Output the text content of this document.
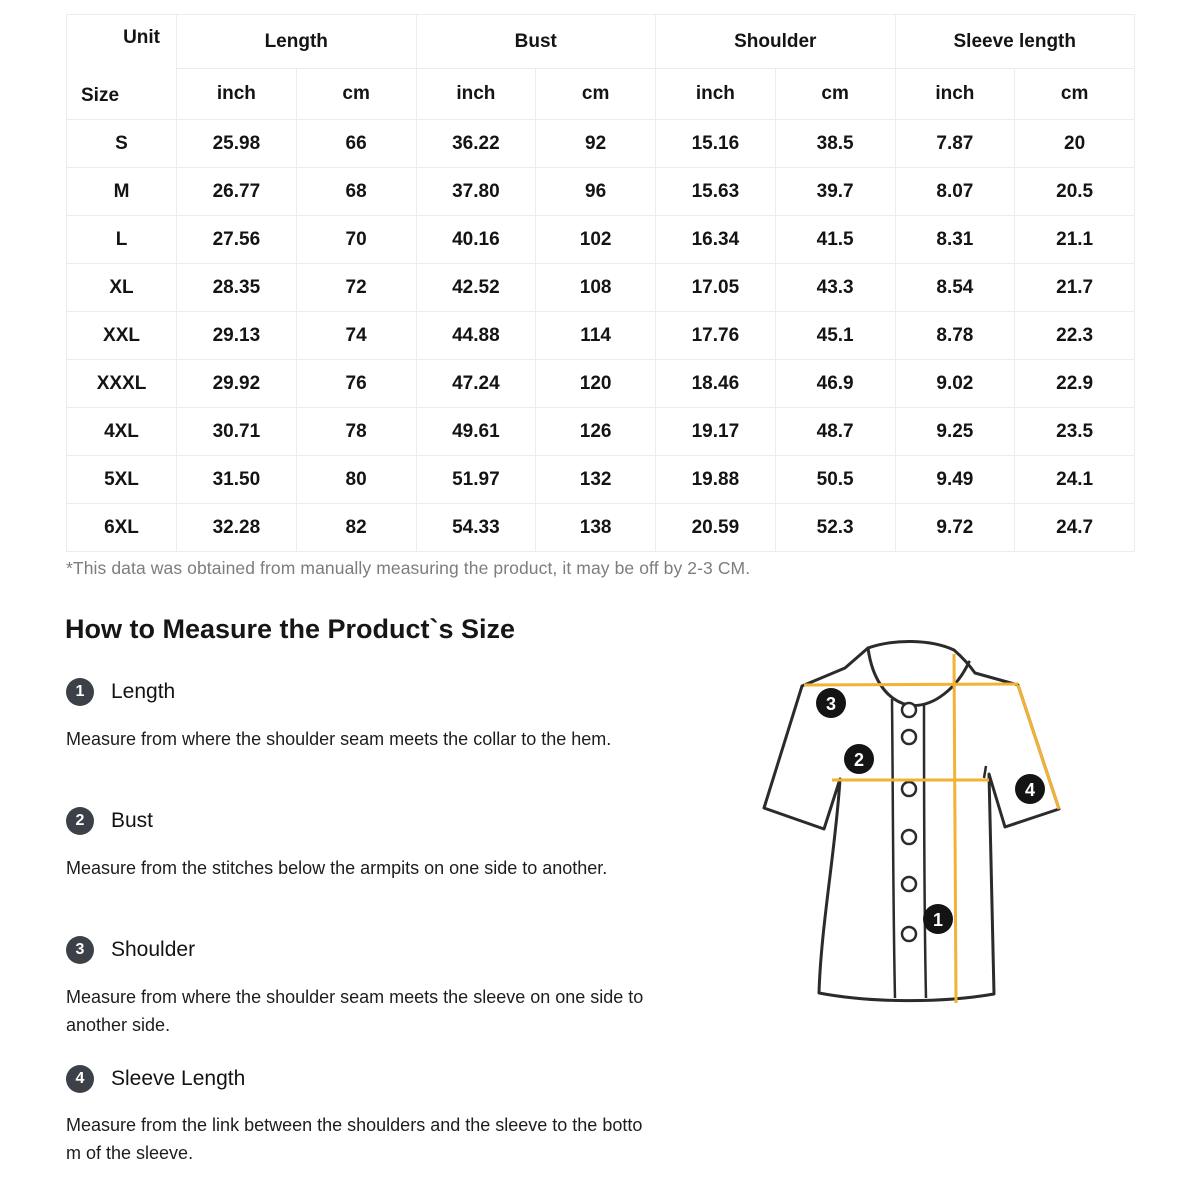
Unit
Size	Length		Bust		Shoulder		Sleeve length	
	inch	cm	inch	cm	inch	cm	inch	cm
S	25.98	66	36.22	92	15.16	38.5	7.87	20
M	26.77	68	37.80	96	15.63	39.7	8.07	20.5
L	27.56	70	40.16	102	16.34	41.5	8.31	21.1
XL	28.35	72	42.52	108	17.05	43.3	8.54	21.7
XXL	29.13	74	44.88	114	17.76	45.1	8.78	22.3
XXXL	29.92	76	47.24	120	18.46	46.9	9.02	22.9
4XL	30.71	78	49.61	126	19.17	48.7	9.25	23.5
5XL	31.50	80	51.97	132	19.88	50.5	9.49	24.1
6XL	32.28	82	54.33	138	20.59	52.3	9.72	24.7
*This data was obtained from manually measuring the product, it may be off by 2-3 CM.
How to Measure the Product`s Size
1	Length

Measure from where the shoulder seam meets the collar to the hem.

2	Bust

Measure from the stitches below the armpits on one side to another.

3	Shoulder

Measure from where the shoulder seam meets the sleeve on one side to another side.

4	Sleeve Length

Measure from the link between the shoulders and the sleeve to the bottom of the sleeve.

3
2
4
1
